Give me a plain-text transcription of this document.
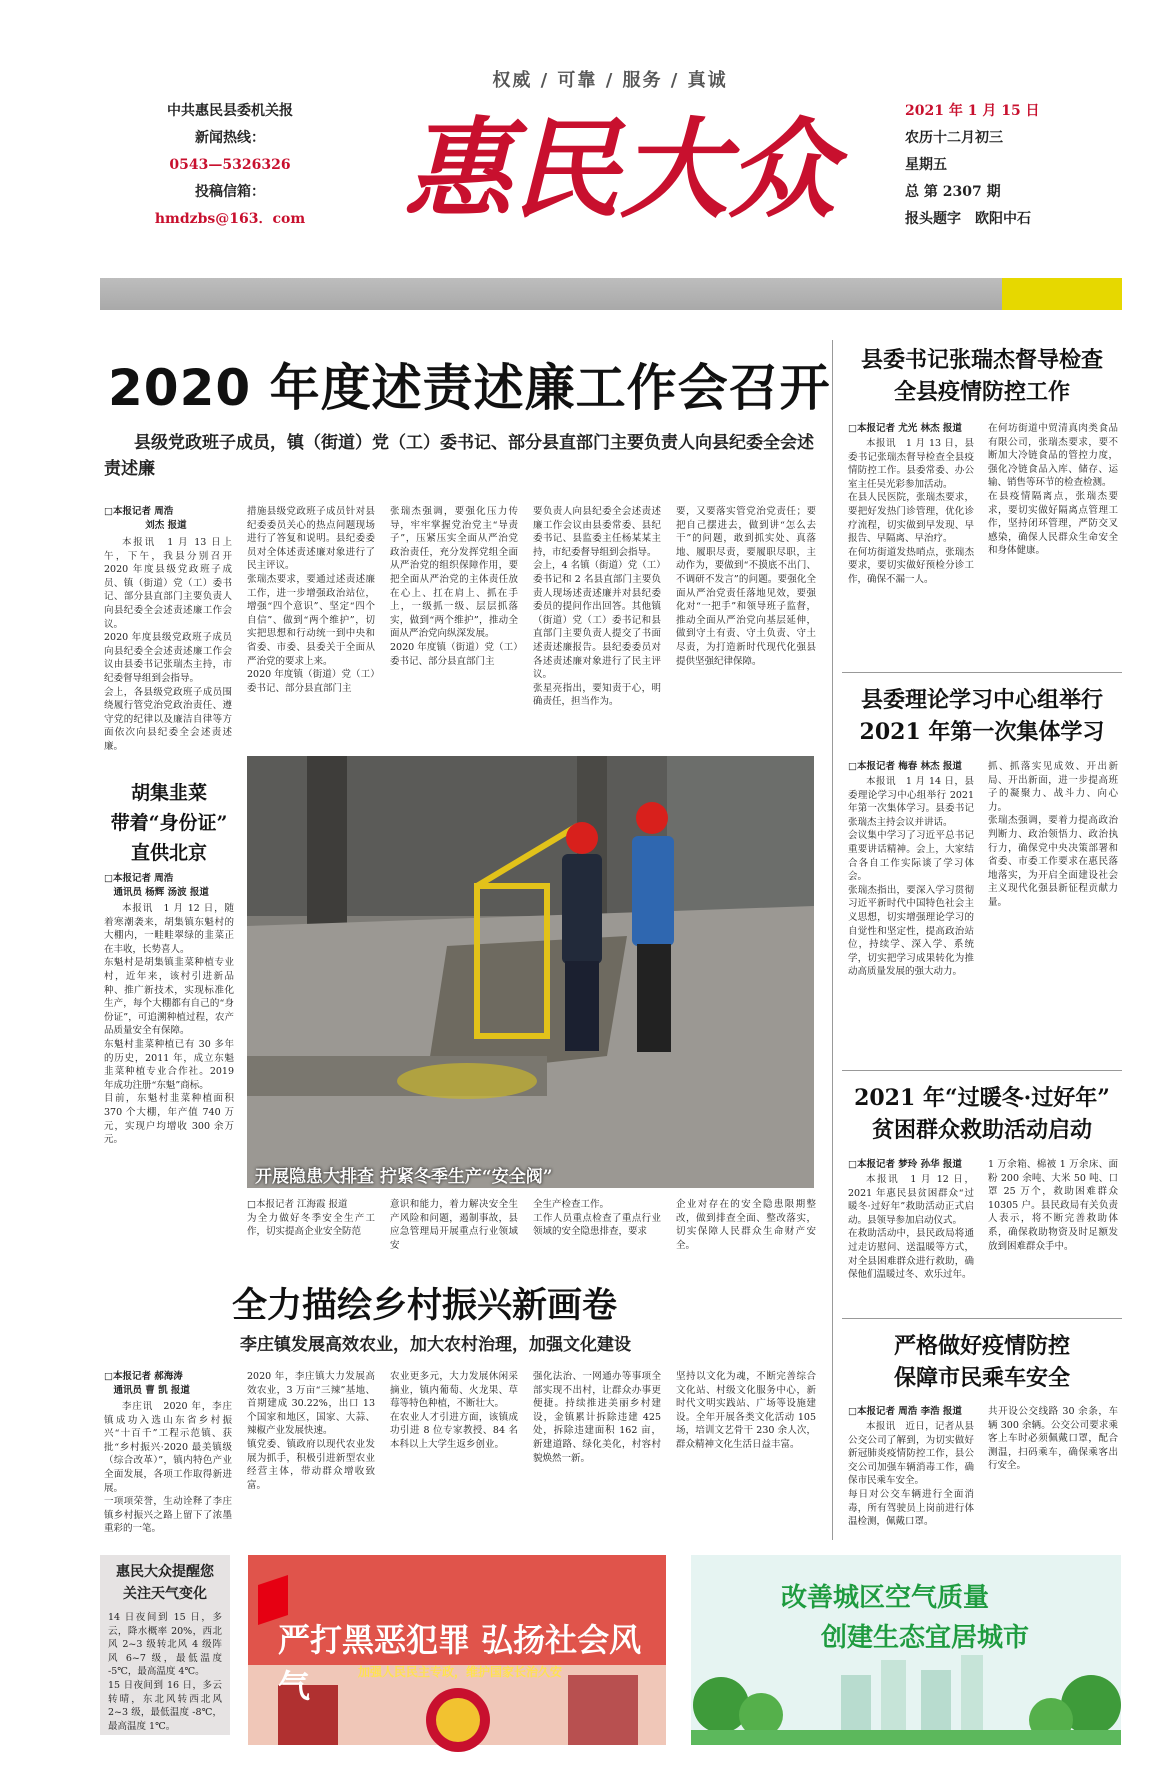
权威 / 可靠 / 服务 / 真诚
中共惠民县委机关报
新闻热线：
0543—5326326
投稿信箱：
hmdzbs@163．com 惠民大众	2021 年 1 月 15 日
农历十二月初三
星期五
总 第 2307 期
报头题字　欧阳中石
2020 年度述责述廉工作会召开
县级党政班子成员，镇（街道）党（工）委书记、部分县直部门主要负责人向县纪委全会述责述廉
□本报记者 周浩
　　　　 刘杰 报道
本报讯　1 月 13 日上午，下午，我县分别召开 2020 年度县级党政班子成员、镇（街道）党（工）委书记、部分县直部门主要负责人向县纪委全会述责述廉工作会议。
2020 年度县级党政班子成员向县纪委全会述责述廉工作会议由县委书记张瑞杰主持，市纪委督导组到会指导。
会上，各县级党政班子成员围绕履行管党治党政治责任、遵守党的纪律以及廉洁自律等方面依次向县纪委全会述责述廉。
措施县级党政班子成员针对县纪委委员关心的热点问题现场进行了答复和说明。县纪委委员对全体述责述廉对象进行了民主评议。
张瑞杰要求，要通过述责述廉工作，进一步增强政治站位，增强“四个意识”、坚定“四个自信”、做到“两个维护”，切实把思想和行动统一到中央和省委、市委、县委关于全面从严治党的要求上来。
2020 年度镇（街道）党（工）委书记、部分县直部门主
张瑞杰强调，要强化压力传导，牢牢掌握党治党主“导责子”，压紧压实全面从严治党政治责任，充分发挥党组全面从严治党的组织保障作用，要把全面从严治党的主体责任放在心上、扛在肩上、抓在手上，一级抓一级、层层抓落实，做到“两个维护”，推动全面从严治党向纵深发展。
2020 年度镇（街道）党（工）委书记、部分县直部门主
要负责人向县纪委全会述责述廉工作会议由县委常委、县纪委书记、县监委主任杨某某主持，市纪委督导组到会指导。
会上，4 名镇（街道）党（工）委书记和 2 名县直部门主要负责人现场述责述廉并对县纪委委员的提问作出回答。其他镇（街道）党（工）委书记和县直部门主要负责人提交了书面述责述廉报告。县纪委委员对各述责述廉对象进行了民主评议。
张星亮指出，要知责于心，明确责任，担当作为。
要，又要落实管党治党责任；要把自己摆进去，做到讲“怎么去干”的问题，敢到抓实处、真落地、履职尽责，要履职尽职，主动作为，要做到“不摸底不出门、不调研不发言”的问题。要强化全面从严治党责任落地见效，要强化对“一把手”和领导班子监督，推动全面从严治党向基层延伸，做到守土有责、守土负责、守土尽责，为打造新时代现代化强县提供坚强纪律保障。
胡集韭菜
带着“身份证”
直供北京
□本报记者 周浩
　通讯员 杨辉 汤波 报道
本报讯　1 月 12 日，随着寒潮袭来，胡集镇东魁村的大棚内，一畦畦翠绿的韭菜正在丰收，长势喜人。
东魁村是胡集镇韭菜种植专业村，近年来，该村引进新品种、推广新技术，实现标准化生产，每个大棚都有自己的“身份证”，可追溯种植过程，农产品质量安全有保障。
东魁村韭菜种植已有 30 多年的历史，2011 年，成立东魁韭菜种植专业合作社。2019 年成功注册“东魁”商标。
目前，东魁村韭菜种植面积 370 个大棚，年产值 740 万元，实现户均增收 300 余万元。
开展隐患大排查 拧紧冬季生产“安全阀”
□本报记者 江海霞 报道
为全力做好冬季安全生产工作，切实提高企业安全防范
意识和能力，着力解决安全生产风险和问题，遏制事故，县应急管理局开展重点行业领域安
全生产检查工作。
工作人员重点检查了重点行业领域的安全隐患排查，要求
企业对存在的安全隐患限期整改，做到排查全面、整改落实，切实保障人民群众生命财产安全。
全力描绘乡村振兴新画卷
李庄镇发展高效农业，加大农村治理，加强文化建设
□本报记者 郝海涛
　通讯员 曹 凯 报道
李庄讯　2020 年，李庄镇成功入选山东省乡村振兴“十百千”工程示范镇、获批“乡村振兴·2020 最美镇级（综合改革）”，镇内特色产业全面发展，各项工作取得新进展。
一项项荣誉，生动诠释了李庄镇乡村振兴之路上留下了浓墨重彩的一笔。
2020 年，李庄镇大力发展高效农业，3 万亩“三辣”基地、首期建成 30.22%，出口 13 个国家和地区，国家、大蒜、辣椒产业发展快速。
镇党委、镇政府以现代农业发展为抓手，积极引进新型农业经营主体，带动群众增收致富。
农业更多元，大力发展休闲采摘业，镇内葡萄、火龙果、草莓等特色种植，不断壮大。
在农业人才引进方面，该镇成功引进 8 位专家教授、84 名本科以上大学生返乡创业。
强化法治、一网通办等事项全部实现不出村，让群众办事更便捷。持续推进美丽乡村建设，金镇累计拆除违建 425 处，拆除违建面积 162 亩，新建道路、绿化美化，村容村貌焕然一新。
坚持以文化为魂，不断完善综合文化站、村级文化服务中心，新时代文明实践站、广场等设施建设。全年开展各类文化活动 105 场，培训文艺骨干 230 余人次，群众精神文化生活日益丰富。
县委书记张瑞杰督导检查
全县疫情防控工作
□本报记者 尤光 林杰 报道
本报讯　1 月 13 日，县委书记张瑞杰督导检查全县疫情防控工作。县委常委、办公室主任吴光彩参加活动。
在县人民医院，张瑞杰要求，要把好发热门诊管理，优化诊疗流程，切实做到早发现、早报告、早隔离、早治疗。
在何坊街道发热哨点，张瑞杰要求，要切实做好预检分诊工作，确保不漏一人。
在何坊街道中贸清真肉类食品有限公司，张瑞杰要求，要不断加大冷链食品的管控力度，强化冷链食品入库、储存、运输、销售等环节的检查检测。
在县疫情隔离点，张瑞杰要求，要切实做好隔离点管理工作，坚持闭环管理，严防交叉感染，确保人民群众生命安全和身体健康。
县委理论学习中心组举行
2021 年第一次集体学习
□本报记者 梅春 林杰 报道
本报讯　1 月 14 日，县委理论学习中心组举行 2021 年第一次集体学习。县委书记张瑞杰主持会议并讲话。
会议集中学习了习近平总书记重要讲话精神。会上，大家结合各自工作实际谈了学习体会。
张瑞杰指出，要深入学习贯彻习近平新时代中国特色社会主义思想，切实增强理论学习的自觉性和坚定性，提高政治站位，持续学、深入学、系统学，切实把学习成果转化为推动高质量发展的强大动力。
抓、抓落实见成效、开出新局、开出新面，进一步提高班子的凝聚力、战斗力、向心力。
张瑞杰强调，要着力提高政治判断力、政治领悟力、政治执行力，确保党中央决策部署和省委、市委工作要求在惠民落地落实，为开启全面建设社会主义现代化强县新征程贡献力量。
2021 年“过暖冬·过好年”
贫困群众救助活动启动
□本报记者 梦玲 孙华 报道
本报讯　1 月 12 日，2021 年惠民县贫困群众“过暖冬·过好年”救助活动正式启动。县领导参加启动仪式。
在救助活动中，县民政局将通过走访慰问、送温暖等方式，对全县困难群众进行救助，确保他们温暖过冬、欢乐过年。
1 万余箱、棉被 1 万余床、面粉 200 余吨、大米 50 吨、口罩 25 万个，救助困难群众 10305 户。县民政局有关负责人表示，将不断完善救助体系，确保救助物资及时足额发放到困难群众手中。
严格做好疫情防控
保障市民乘车安全
□本报记者 周浩 李浩 报道
本报讯　近日，记者从县公交公司了解到，为切实做好新冠肺炎疫情防控工作，县公交公司加强车辆消毒工作，确保市民乘车安全。
每日对公交车辆进行全面消毒，所有驾驶员上岗前进行体温检测，佩戴口罩。
共开设公交线路 30 余条，车辆 300 余辆。公交公司要求乘客上车时必须佩戴口罩，配合测温，扫码乘车，确保乘客出行安全。
惠民大众提醒您
关注天气变化
14 日夜间到 15 日，多云，降水概率 20%，西北风 2~3 级转北风 4 级阵风 6~7 级，最低温度 -5℃，最高温度 4℃。
15 日夜间到 16 日，多云转晴，东北风转西北风 2~3 级，最低温度 -8℃，最高温度 1℃。
严打黑恶犯罪 弘扬社会风气	加强人民民主专政，维护国家长治久安
改善城区空气质量
创建生态宜居城市
